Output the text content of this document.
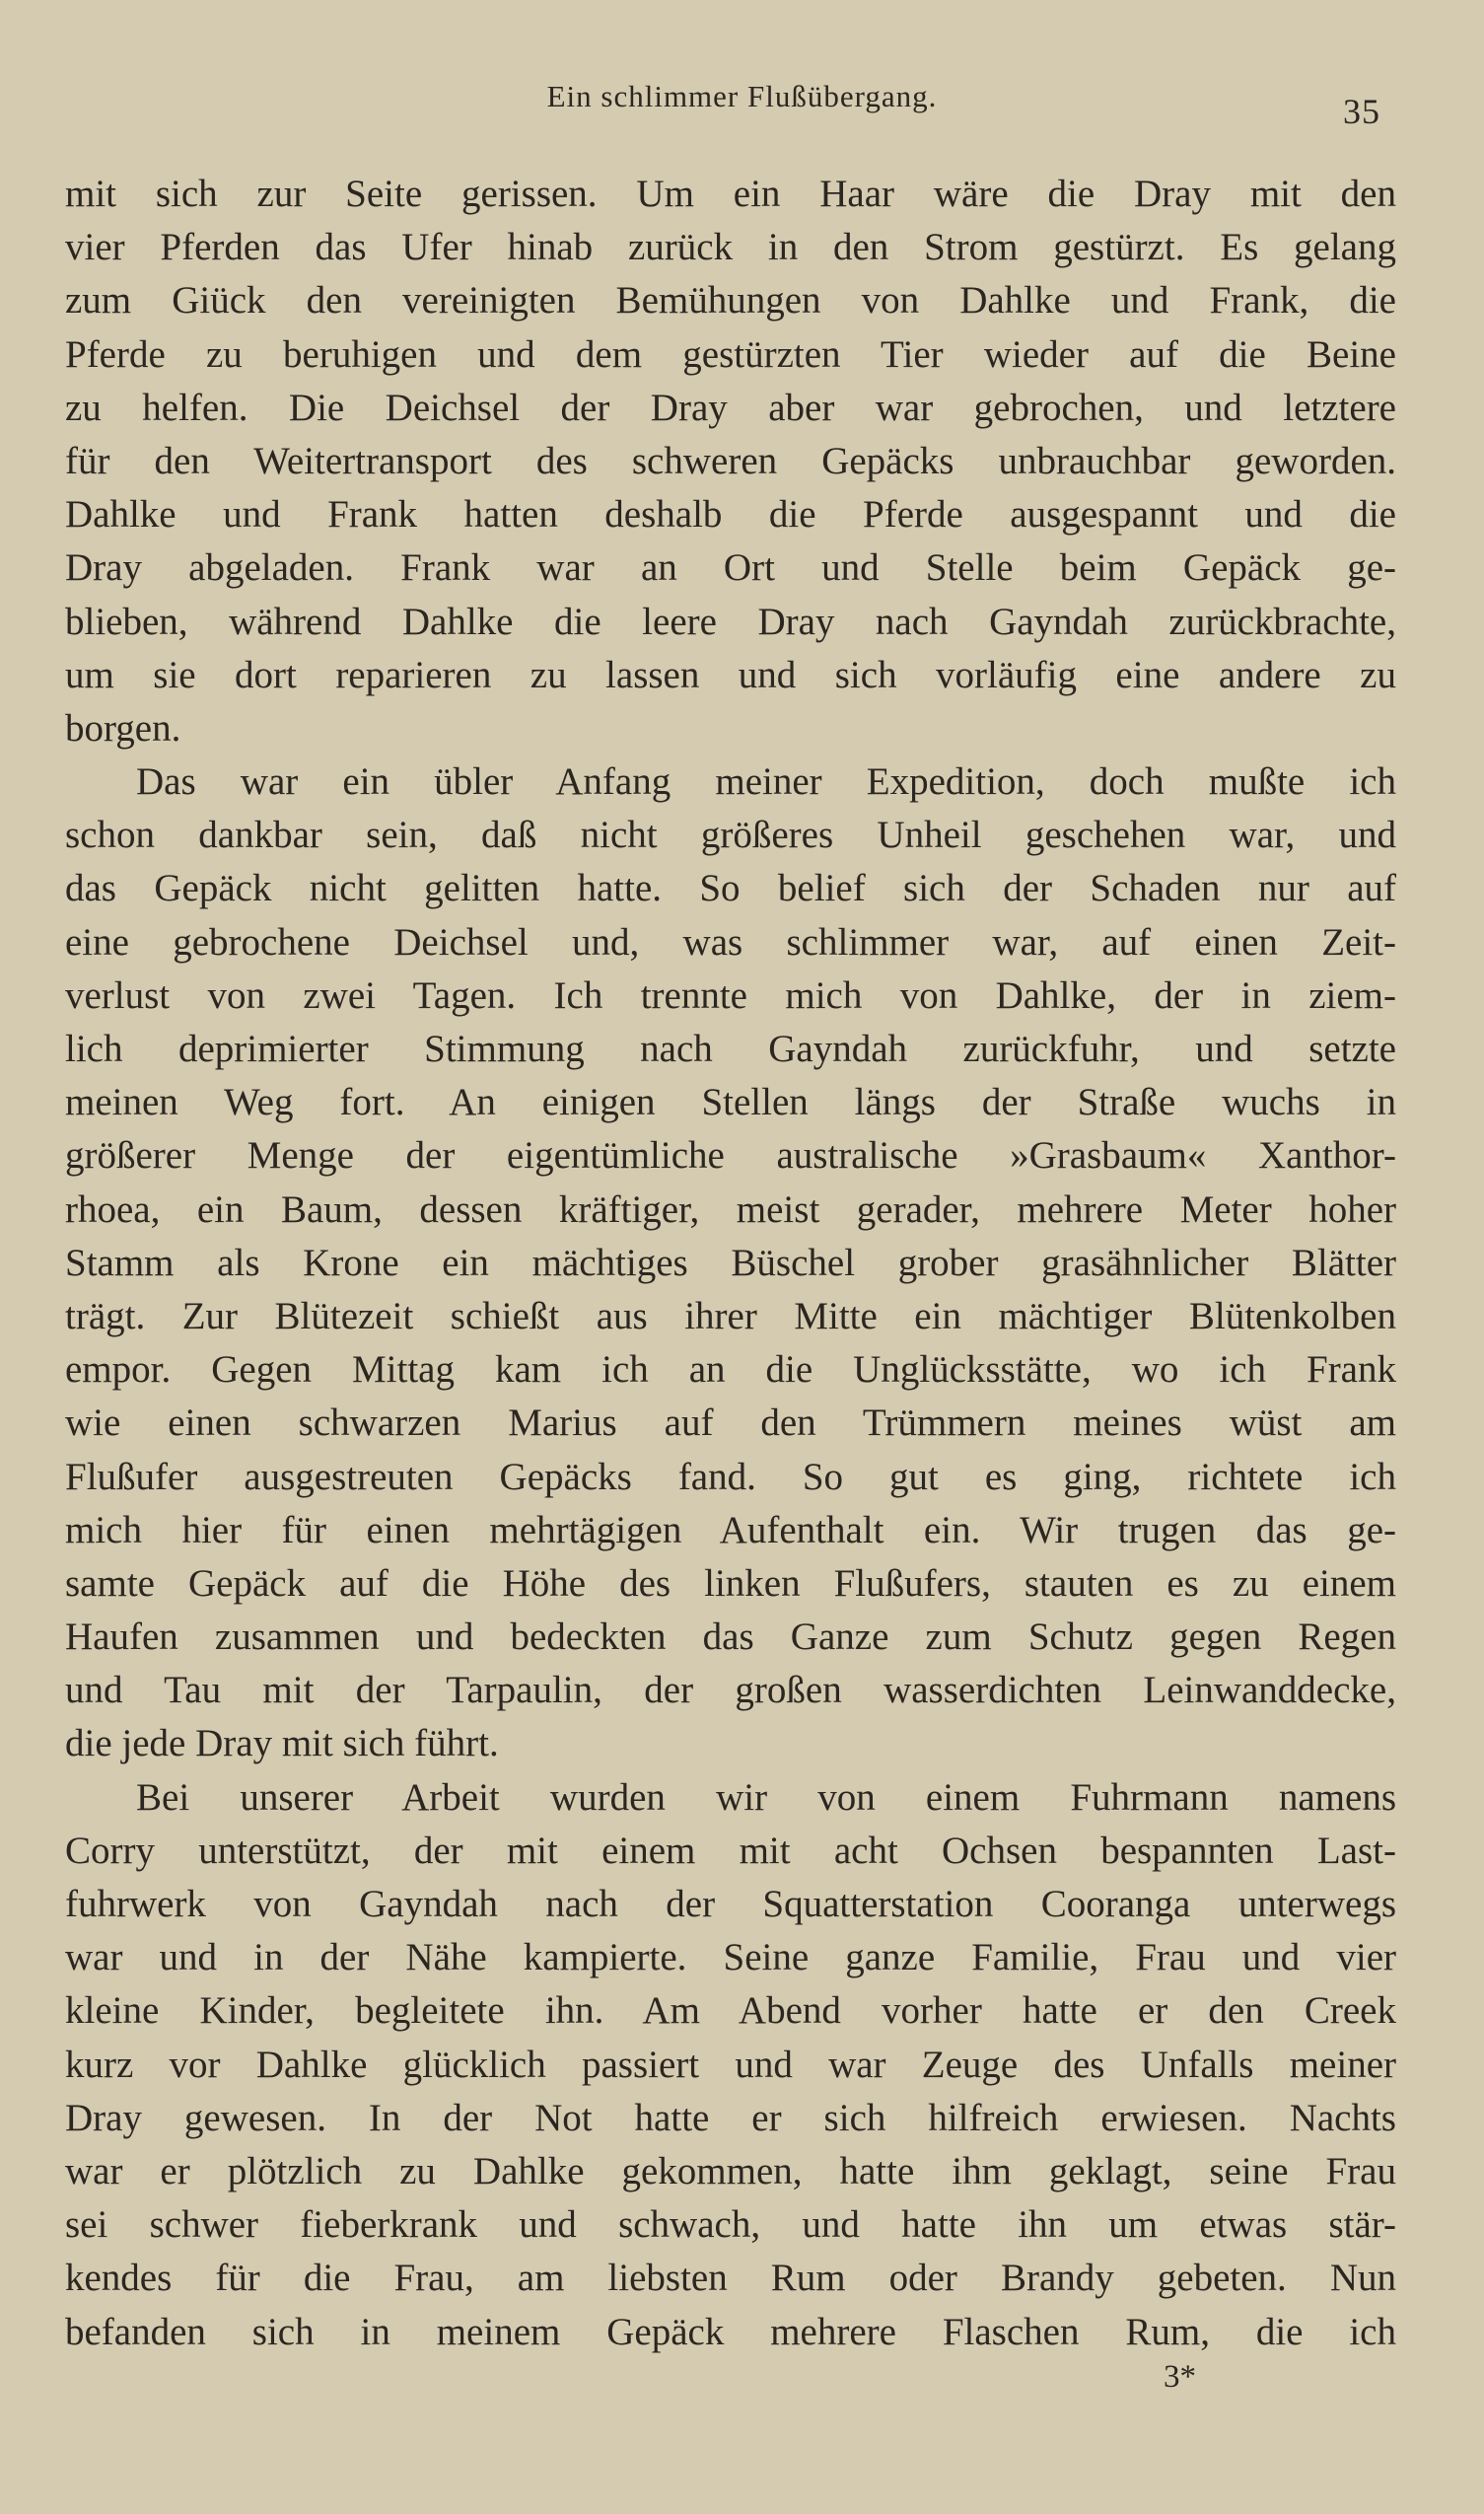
Ein schlimmer Flußübergang.	35
mit sich zur Seite gerissen. Um ein Haar wäre die Dray mit den
vier Pferden das Ufer hinab zurück in den Strom gestürzt. Es gelang
zum Giück den vereinigten Bemühungen von Dahlke und Frank, die
Pferde zu beruhigen und dem gestürzten Tier wieder auf die Beine
zu helfen. Die Deichsel der Dray aber war gebrochen, und letztere
für den Weitertransport des schweren Gepäcks unbrauchbar geworden.
Dahlke und Frank hatten deshalb die Pferde ausgespannt und die
Dray abgeladen. Frank war an Ort und Stelle beim Gepäck ge-
blieben, während Dahlke die leere Dray nach Gayndah zurückbrachte,
um sie dort reparieren zu lassen und sich vorläufig eine andere zu
borgen.
Das war ein übler Anfang meiner Expedition, doch mußte ich
schon dankbar sein, daß nicht größeres Unheil geschehen war, und
das Gepäck nicht gelitten hatte. So belief sich der Schaden nur auf
eine gebrochene Deichsel und, was schlimmer war, auf einen Zeit-
verlust von zwei Tagen. Ich trennte mich von Dahlke, der in ziem-
lich deprimierter Stimmung nach Gayndah zurückfuhr, und setzte
meinen Weg fort. An einigen Stellen längs der Straße wuchs in
größerer Menge der eigentümliche australische »Grasbaum« Xanthor-
rhoea, ein Baum, dessen kräftiger, meist gerader, mehrere Meter hoher
Stamm als Krone ein mächtiges Büschel grober grasähnlicher Blätter
trägt. Zur Blütezeit schießt aus ihrer Mitte ein mächtiger Blütenkolben
empor. Gegen Mittag kam ich an die Unglücksstätte, wo ich Frank
wie einen schwarzen Marius auf den Trümmern meines wüst am
Flußufer ausgestreuten Gepäcks fand. So gut es ging, richtete ich
mich hier für einen mehrtägigen Aufenthalt ein. Wir trugen das ge-
samte Gepäck auf die Höhe des linken Flußufers, stauten es zu einem
Haufen zusammen und bedeckten das Ganze zum Schutz gegen Regen
und Tau mit der Tarpaulin, der großen wasserdichten Leinwanddecke,
die jede Dray mit sich führt.
Bei unserer Arbeit wurden wir von einem Fuhrmann namens
Corry unterstützt, der mit einem mit acht Ochsen bespannten Last-
fuhrwerk von Gayndah nach der Squatterstation Cooranga unterwegs
war und in der Nähe kampierte. Seine ganze Familie, Frau und vier
kleine Kinder, begleitete ihn. Am Abend vorher hatte er den Creek
kurz vor Dahlke glücklich passiert und war Zeuge des Unfalls meiner
Dray gewesen. In der Not hatte er sich hilfreich erwiesen. Nachts
war er plötzlich zu Dahlke gekommen, hatte ihm geklagt, seine Frau
sei schwer fieberkrank und schwach, und hatte ihn um etwas stär-
kendes für die Frau, am liebsten Rum oder Brandy gebeten. Nun
befanden sich in meinem Gepäck mehrere Flaschen Rum, die ich
3*
